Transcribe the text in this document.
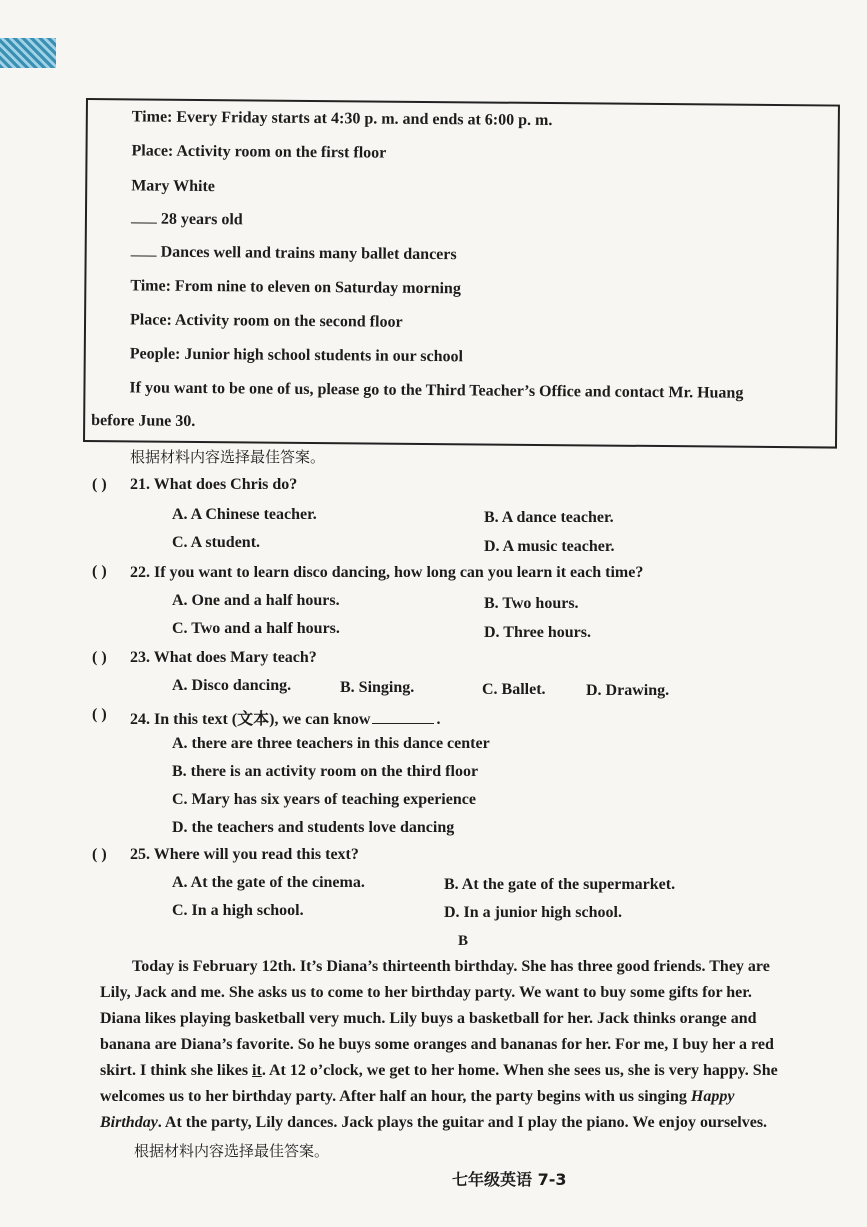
Time: Every Friday starts at 4:30 p. m. and ends at 6:00 p. m.
Place: Activity room on the first floor
Mary White
28 years old
Dances well and trains many ballet dancers
Time: From nine to eleven on Saturday morning
Place: Activity room on the second floor
People: Junior high school students in our school
If you want to be one of us, please go to the Third Teacher’s Office and contact Mr. Huang
before June 30.
根据材料内容选择最佳答案。
( ) 21. What does Chris do?
A. A Chinese teacher.	B. A dance teacher.
C. A student.	D. A music teacher.
( ) 22. If you want to learn disco dancing, how long can you learn it each time?
A. One and a half hours.	B. Two hours.
C. Two and a half hours.	D. Three hours.
( ) 23. What does Mary teach?
A. Disco dancing.	B. Singing.	C. Ballet.	D. Drawing.
( ) 24. In this text (文本), we can know	.
A. there are three teachers in this dance center
B. there is an activity room on the third floor
C. Mary has six years of teaching experience
D. the teachers and students love dancing
( ) 25. Where will you read this text?
A. At the gate of the cinema.	B. At the gate of the supermarket.
C. In a high school.	D. In a junior high school.
B
Today is February 12th. It’s Diana’s thirteenth birthday. She has three good friends. They are
Lily, Jack and me. She asks us to come to her birthday party. We want to buy some gifts for her.
Diana likes playing basketball very much. Lily buys a basketball for her. Jack thinks orange and
banana are Diana’s favorite. So he buys some oranges and bananas for her. For me, I buy her a red
skirt. I think she likes it. At 12 o’clock, we get to her home. When she sees us, she is very happy. She
welcomes us to her birthday party. After half an hour, the party begins with us singing Happy
Birthday. At the party, Lily dances. Jack plays the guitar and I play the piano. We enjoy ourselves.
根据材料内容选择最佳答案。
七年级英语 7-3
